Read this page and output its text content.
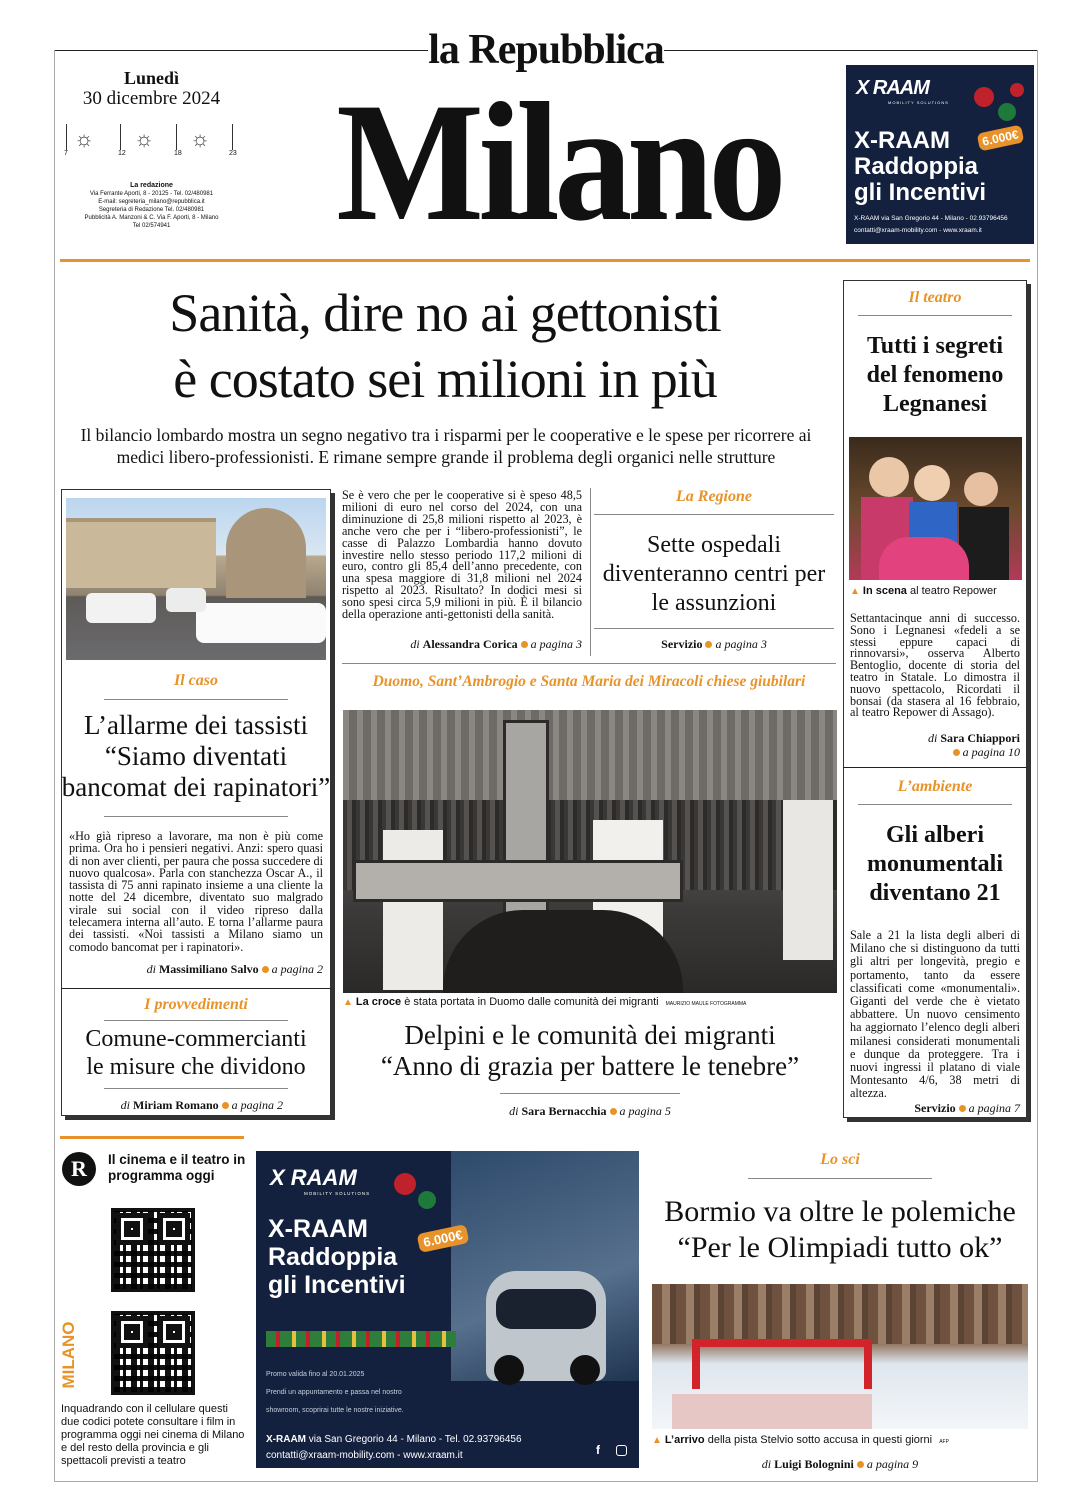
la Repubblica
Milano
Lunedì
30 dicembre 2024
☼ ☼ ☼
7	12	18	23
La redazione
Via Ferrante Aporti, 8 - 20125 - Tel. 02/480981
E-mail: segreteria_milano@repubblica.it
Segreteria di Redazione Tel. 02/480981
Pubblicità A. Manzoni & C. Via F. Aporti, 8 - Milano
Tel 02/574941
X RAAM
MOBILITY SOLUTIONS
X-RAAM	6.000€
Raddoppia
gli Incentivi
X-RAAM via San Gregorio 44 - Milano - 02.93796456
contatti@xraam-mobility.com - www.xraam.it
Sanità, dire no ai gettonisti
è costato sei milioni in più
Il bilancio lombardo mostra un segno negativo tra i risparmi per le cooperative e le spese per ricorrere ai medici libero-professionisti. E rimane sempre grande il problema degli organici nelle strutture
Il caso
L’allarme dei tassisti
“Siamo diventati
bancomat dei rapinatori”
«Ho già ripreso a lavorare, ma non è più come prima. Ora ho i pensieri negativi. Anzi: spero quasi di non aver clienti, per paura che possa succedere di nuovo qualcosa». Parla con stanchezza Oscar A., il tassista di 75 anni rapinato insieme a una cliente la notte del 24 dicembre, diventato suo malgrado virale sui social con il video ripreso dalla telecamera interna all’auto. E torna l’allarme paura dei tassisti. «Noi tassisti a Milano siamo un comodo bancomat per i rapinatori».
di Massimiliano Salvo a pagina 2
I provvedimenti
Comune-commercianti
le misure che dividono
di Miriam Romano a pagina 2
Se è vero che per le cooperative si è speso 48,5 milioni di euro nel corso del 2024, con una diminuzione di 25,8 milioni rispetto al 2023, è anche vero che per i “libero-professionisti”, le casse di Palazzo Lombardia hanno dovuto investire nello stesso periodo 117,2 milioni di euro, contro gli 85,4 dell’anno precedente, con una spesa maggiore di 31,8 milioni nel 2024 rispetto al 2023. Risultato? In dodici mesi si sono spesi circa 5,9 milioni in più. È il bilancio della operazione anti-gettonisti della sanità.
di Alessandra Corica a pagina 3
La Regione
Sette ospedali diventeranno centri per le assunzioni
Servizio a pagina 3
Duomo, Sant’Ambrogio e Santa Maria dei Miracoli chiese giubilari
▲ La croce è stata portata in Duomo dalle comunità dei migranti MAURIZIO MAULE FOTOGRAMMA
Delpini e le comunità dei migranti
“Anno di grazia per battere le tenebre”
di Sara Bernacchia a pagina 5
Il teatro
Tutti i segreti del fenomeno Legnanesi
▲ In scena al teatro Repower
Settantacinque anni di successo. Sono i Legnanesi «fedeli a se stessi eppure capaci di rinnovarsi», osserva Alberto Bentoglio, docente di storia del teatro in Statale. Lo dimostra il nuovo spettacolo, Ricordati il bonsai (da stasera al 16 febbraio, al teatro Repower di Assago).
di Sara Chiappori
a pagina 10
L’ambiente
Gli alberi monumentali diventano 21
Sale a 21 la lista degli alberi di Milano che si distinguono da tutti gli altri per longevità, pregio e portamento, tanto da essere classificati come «monumentali». Giganti del verde che è vietato abbattere. Un nuovo censimento ha aggiornato l’elenco degli alberi milanesi considerati monumentali e dunque da proteggere. Tra i nuovi ingressi il platano di viale Montesanto 4/6, 38 metri di altezza.
Servizio a pagina 7
R	Il cinema e il teatro in programma oggi
MILANO
Inquadrando con il cellulare questi due codici potete consultare i film in programma oggi nei cinema di Milano e del resto della provincia e gli spettacoli previsti a teatro
X RAAM
MOBILITY SOLUTIONS
X-RAAM	6.000€
Raddoppia
gli Incentivi
Promo valida fino al 20.01.2025
Prendi un appuntamento e passa nel nostro
showroom, scoprirai tutte le nostre iniziative.
X-RAAM via San Gregorio 44 - Milano - Tel. 02.93796456
contatti@xraam-mobility.com - www.xraam.it	f
Lo sci
Bormio va oltre le polemiche
“Per le Olimpiadi tutto ok”
▲ L’arrivo della pista Stelvio sotto accusa in questi giorni AFP
di Luigi Bolognini a pagina 9
